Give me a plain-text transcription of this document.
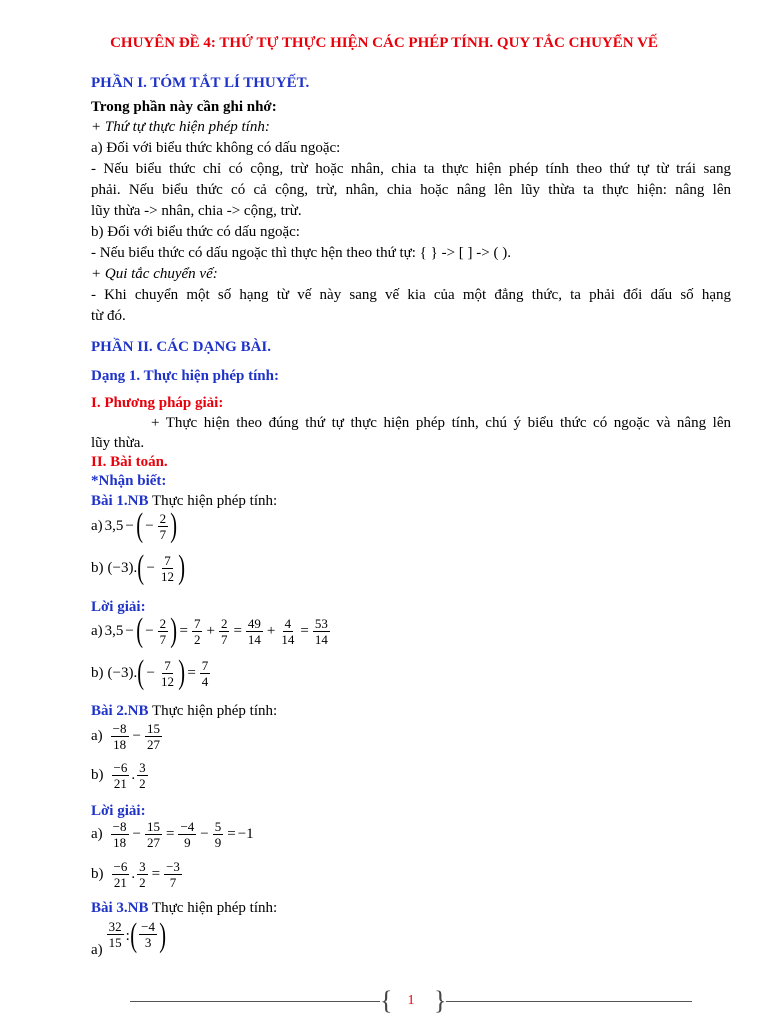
CHUYÊN ĐỀ 4: THỨ TỰ THỰC HIỆN CÁC PHÉP TÍNH. QUY TẮC CHUYỂN VẾ
PHẦN I. TÓM TẮT LÍ THUYẾT.
Trong phần này cần ghi nhớ:
+ Thứ tự thực hiện phép tính:
a) Đối với biểu thức không có dấu ngoặc:
- Nếu biểu thức chỉ có cộng, trừ hoặc nhân, chia ta thực hiện phép tính theo thứ tự từ trái sang
phải. Nếu biểu thức có cả cộng, trừ, nhân, chia hoặc nâng lên lũy thừa ta thực hiện: nâng lên
lũy thừa -> nhân, chia -> cộng, trừ.
b) Đối với biểu thức có dấu ngoặc:
- Nếu biểu thức có dấu ngoặc thì thực hện theo thứ tự: { } -> [ ] -> ( ).
+ Qui tắc chuyển vế:
- Khi chuyển một số hạng từ vế này sang vế kia của một đẳng thức, ta phải đổi dấu số hạng
từ đó.
PHẦN II. CÁC DẠNG BÀI.
Dạng 1. Thực hiện phép tính:
I. Phương pháp giải:
+ Thực hiện theo đúng thứ tự thực hiện phép tính, chú ý biểu thức có ngoặc và nâng lên
lũy thừa.
II. Bài toán.
*Nhận biết:
Bài 1.NB Thực hiện phép tính:
a) 3,5 − ( − $\frac{2}{7}$ )
b) (−3) . ( − $\frac{7}{12}$ )
Lời giải:
a) 3,5 − ( − $\frac{2}{7}$ ) = $\frac{7}{2} + \frac{2}{7} = \frac{49}{14} + \frac{4}{14} = \frac{53}{14}$
b) (−3) . ( − $\frac{7}{12}$ ) = $\frac{7}{4}$
Bài 2.NB Thực hiện phép tính:
$a) \frac{-8}{18} - \frac{15}{27}$
$b) \frac{-6}{21}$ . $\frac{3}{2}$
Lời giải:
$a) \frac{-8}{18} - \frac{15}{27} = \frac{-4}{9} - \frac{5}{9} = -1$
$b) \frac{-6}{21}$ . $\frac{3}{2} = \frac{-3}{7}$
Bài 3.NB Thực hiện phép tính:
a)
$\frac{32}{15}$ : ( $\frac{-4}{3}$ )
{ 1 }
